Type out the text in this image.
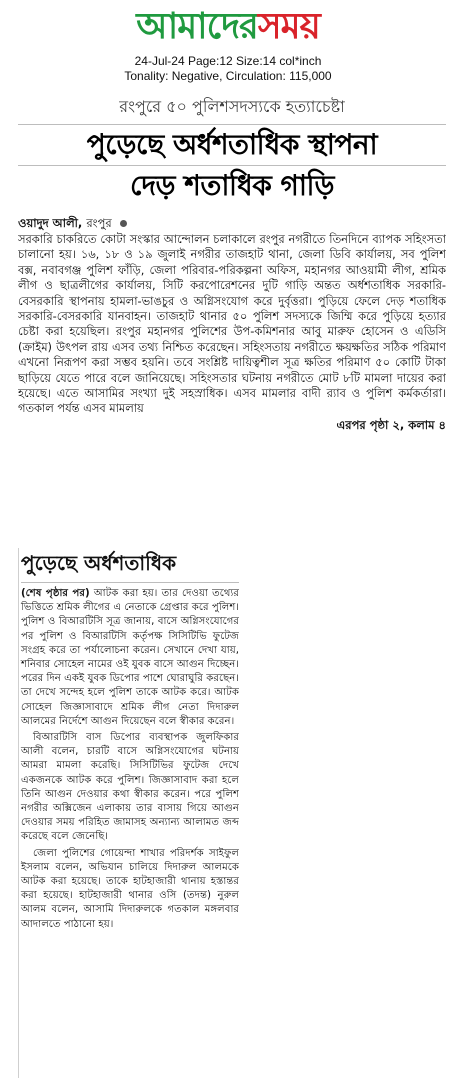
আমাদেরসময়
24-Jul-24 Page:12 Size:14 col*inch
Tonality: Negative, Circulation: 115,000
রংপুরে ৫০ পুলিশসদস্যকে হত্যাচেষ্টা
পুড়েছে অর্ধশতাধিক স্থাপনা
দেড় শতাধিক গাড়ি
ওয়াদুদ আলী, রংপুর

সরকারি চাকরিতে কোটা সংস্কার আন্দোলন চলাকালে রংপুর নগরীতে তিনদিনে ব্যাপক সহিংসতা চালানো হয়। ১৬, ১৮ ও ১৯ জুলাই নগরীর তাজহাট থানা, জেলা ডিবি কার্যালয়, সব পুলিশ বক্স, নবাবগঞ্জ পুলিশ ফাঁড়ি, জেলা পরিবার-পরিকল্পনা অফিস, মহানগর আওয়ামী লীগ, শ্রমিক লীগ ও ছাত্রলীগের কার্যালয়, সিটি করপোরেশনের দুটি গাড়ি অন্তত অর্ধশতাধিক সরকারি-বেসরকারি স্থাপনায় হামলা-ভাঙচুর ও অগ্নিসংযোগ করে দুর্বৃত্তরা। পুড়িয়ে ফেলে দেড় শতাধিক সরকারি-বেসরকারি যানবাহন। তাজহাট থানার ৫০ পুলিশ সদস্যকে জিম্মি করে পুড়িয়ে হত্যার চেষ্টা করা হয়েছিল। রংপুর মহানগর পুলিশের উপ-কমিশনার আবু মারুফ হোসেন ও এডিসি (ক্রাইম) উৎপল রায় এসব তথ্য নিশ্চিত করেছেন। সহিংসতায় নগরীতে ক্ষয়ক্ষতির সঠিক পরিমাণ এখনো নিরূপণ করা সম্ভব হয়নি। তবে সংশ্লিষ্ট দায়িত্বশীল সূত্র ক্ষতির পরিমাণ ৫০ কোটি টাকা ছাড়িয়ে যেতে পারে বলে জানিয়েছে। সহিংসতার ঘটনায় নগরীতে মোট ৮টি মামলা দায়ের করা হয়েছে। এতে আসামির সংখ্যা দুই সহস্রাধিক। এসব মামলার বাদী র‌্যাব ও পুলিশ কর্মকর্তারা। গতকাল পর্যন্ত এসব মামলায়

এরপর পৃষ্ঠা ২, কলাম ৪
পুড়েছে অর্ধশতাধিক

(শেষ পৃষ্ঠার পর) আটক করা হয়। তার দেওয়া তথ্যের ভিত্তিতে শ্রমিক লীগের এ নেতাকে গ্রেপ্তার করে পুলিশ। পুলিশ ও বিআরটিসি সূত্র জানায়, বাসে অগ্নিসংযোগের পর পুলিশ ও বিআরটিসি কর্তৃপক্ষ সিসিটিভি ফুটেজ সংগ্রহ করে তা পর্যালোচনা করেন। সেখানে দেখা যায়, শনিবার সোহেল নামের ওই যুবক বাসে আগুন দিচ্ছেন। পরের দিন একই যুবক ডিপোর পাশে ঘোরাঘুরি করছেন। তা দেখে সন্দেহ হলে পুলিশ তাকে আটক করে। আটক সোহেল জিজ্ঞাসাবাদে শ্রমিক লীগ নেতা দিদারুল আলমের নির্দেশে আগুন দিয়েছেন বলে স্বীকার করেন।

বিআরটিসি বাস ডিপোর ব্যবস্থাপক জুলফিকার আলী বলেন, চারটি বাসে অগ্নিসংযোগের ঘটনায় আমরা মামলা করেছি। সিসিটিভির ফুটেজ দেখে একজনকে আটক করে পুলিশ। জিজ্ঞাসাবাদ করা হলে তিনি আগুন দেওয়ার কথা স্বীকার করেন। পরে পুলিশ নগরীর অক্সিজেন এলাকায় তার বাসায় গিয়ে আগুন দেওয়ার সময় পরিহিত জামাসহ অন্যান্য আলামত জব্দ করেছে বলে জেনেছি।

জেলা পুলিশের গোয়েন্দা শাখার পরিদর্শক সাইফুল ইসলাম বলেন, অভিযান চালিয়ে দিদারুল আলমকে আটক করা হয়েছে। তাকে হাটহাজারী থানায় হস্তান্তর করা হয়েছে। হাটহাজারী থানার ওসি (তদন্ত) নুরুল আলম বলেন, আসামি দিদারুলকে গতকাল মঙ্গলবার আদালতে পাঠানো হয়।
